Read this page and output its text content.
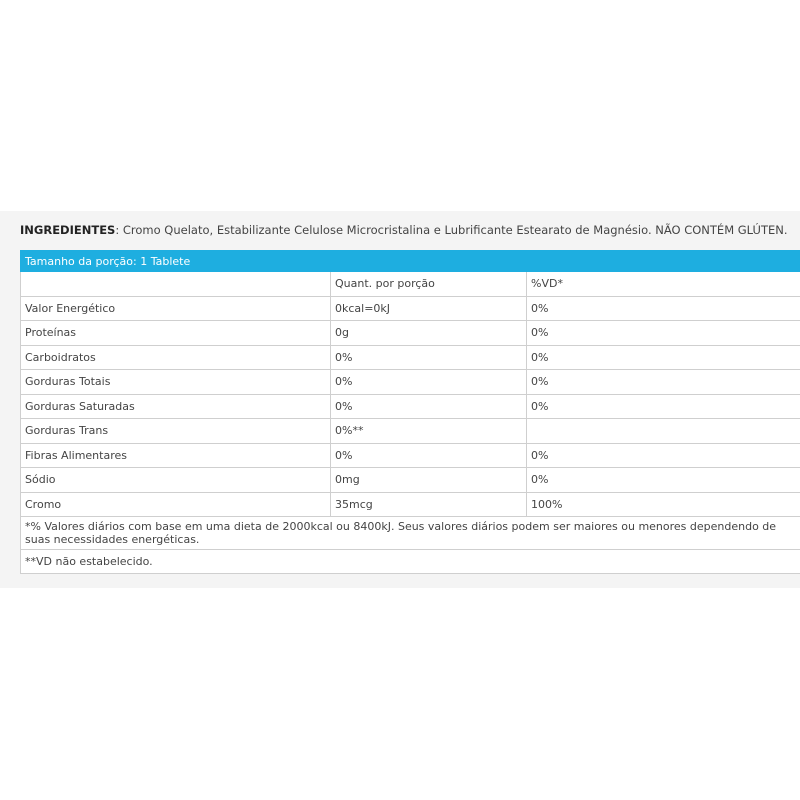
INGREDIENTES: Cromo Quelato, Estabilizante Celulose Microcristalina e Lubrificante Estearato de Magnésio. NÃO CONTÉM GLÚTEN.
Tamanho da porção: 1 Tablete		
	Quant. por porção	%VD*
Valor Energético	0kcal=0kJ	0%
Proteínas	0g	0%
Carboidratos	0%	0%
Gorduras Totais	0%	0%
Gorduras Saturadas	0%	0%
Gorduras Trans	0%**	
Fibras Alimentares	0%	0%
Sódio	0mg	0%
Cromo	35mcg	100%
*% Valores diários com base em uma dieta de 2000kcal ou 8400kJ. Seus valores diários podem ser maiores ou menores dependendo de suas necessidades energéticas.		
**VD não estabelecido.		
